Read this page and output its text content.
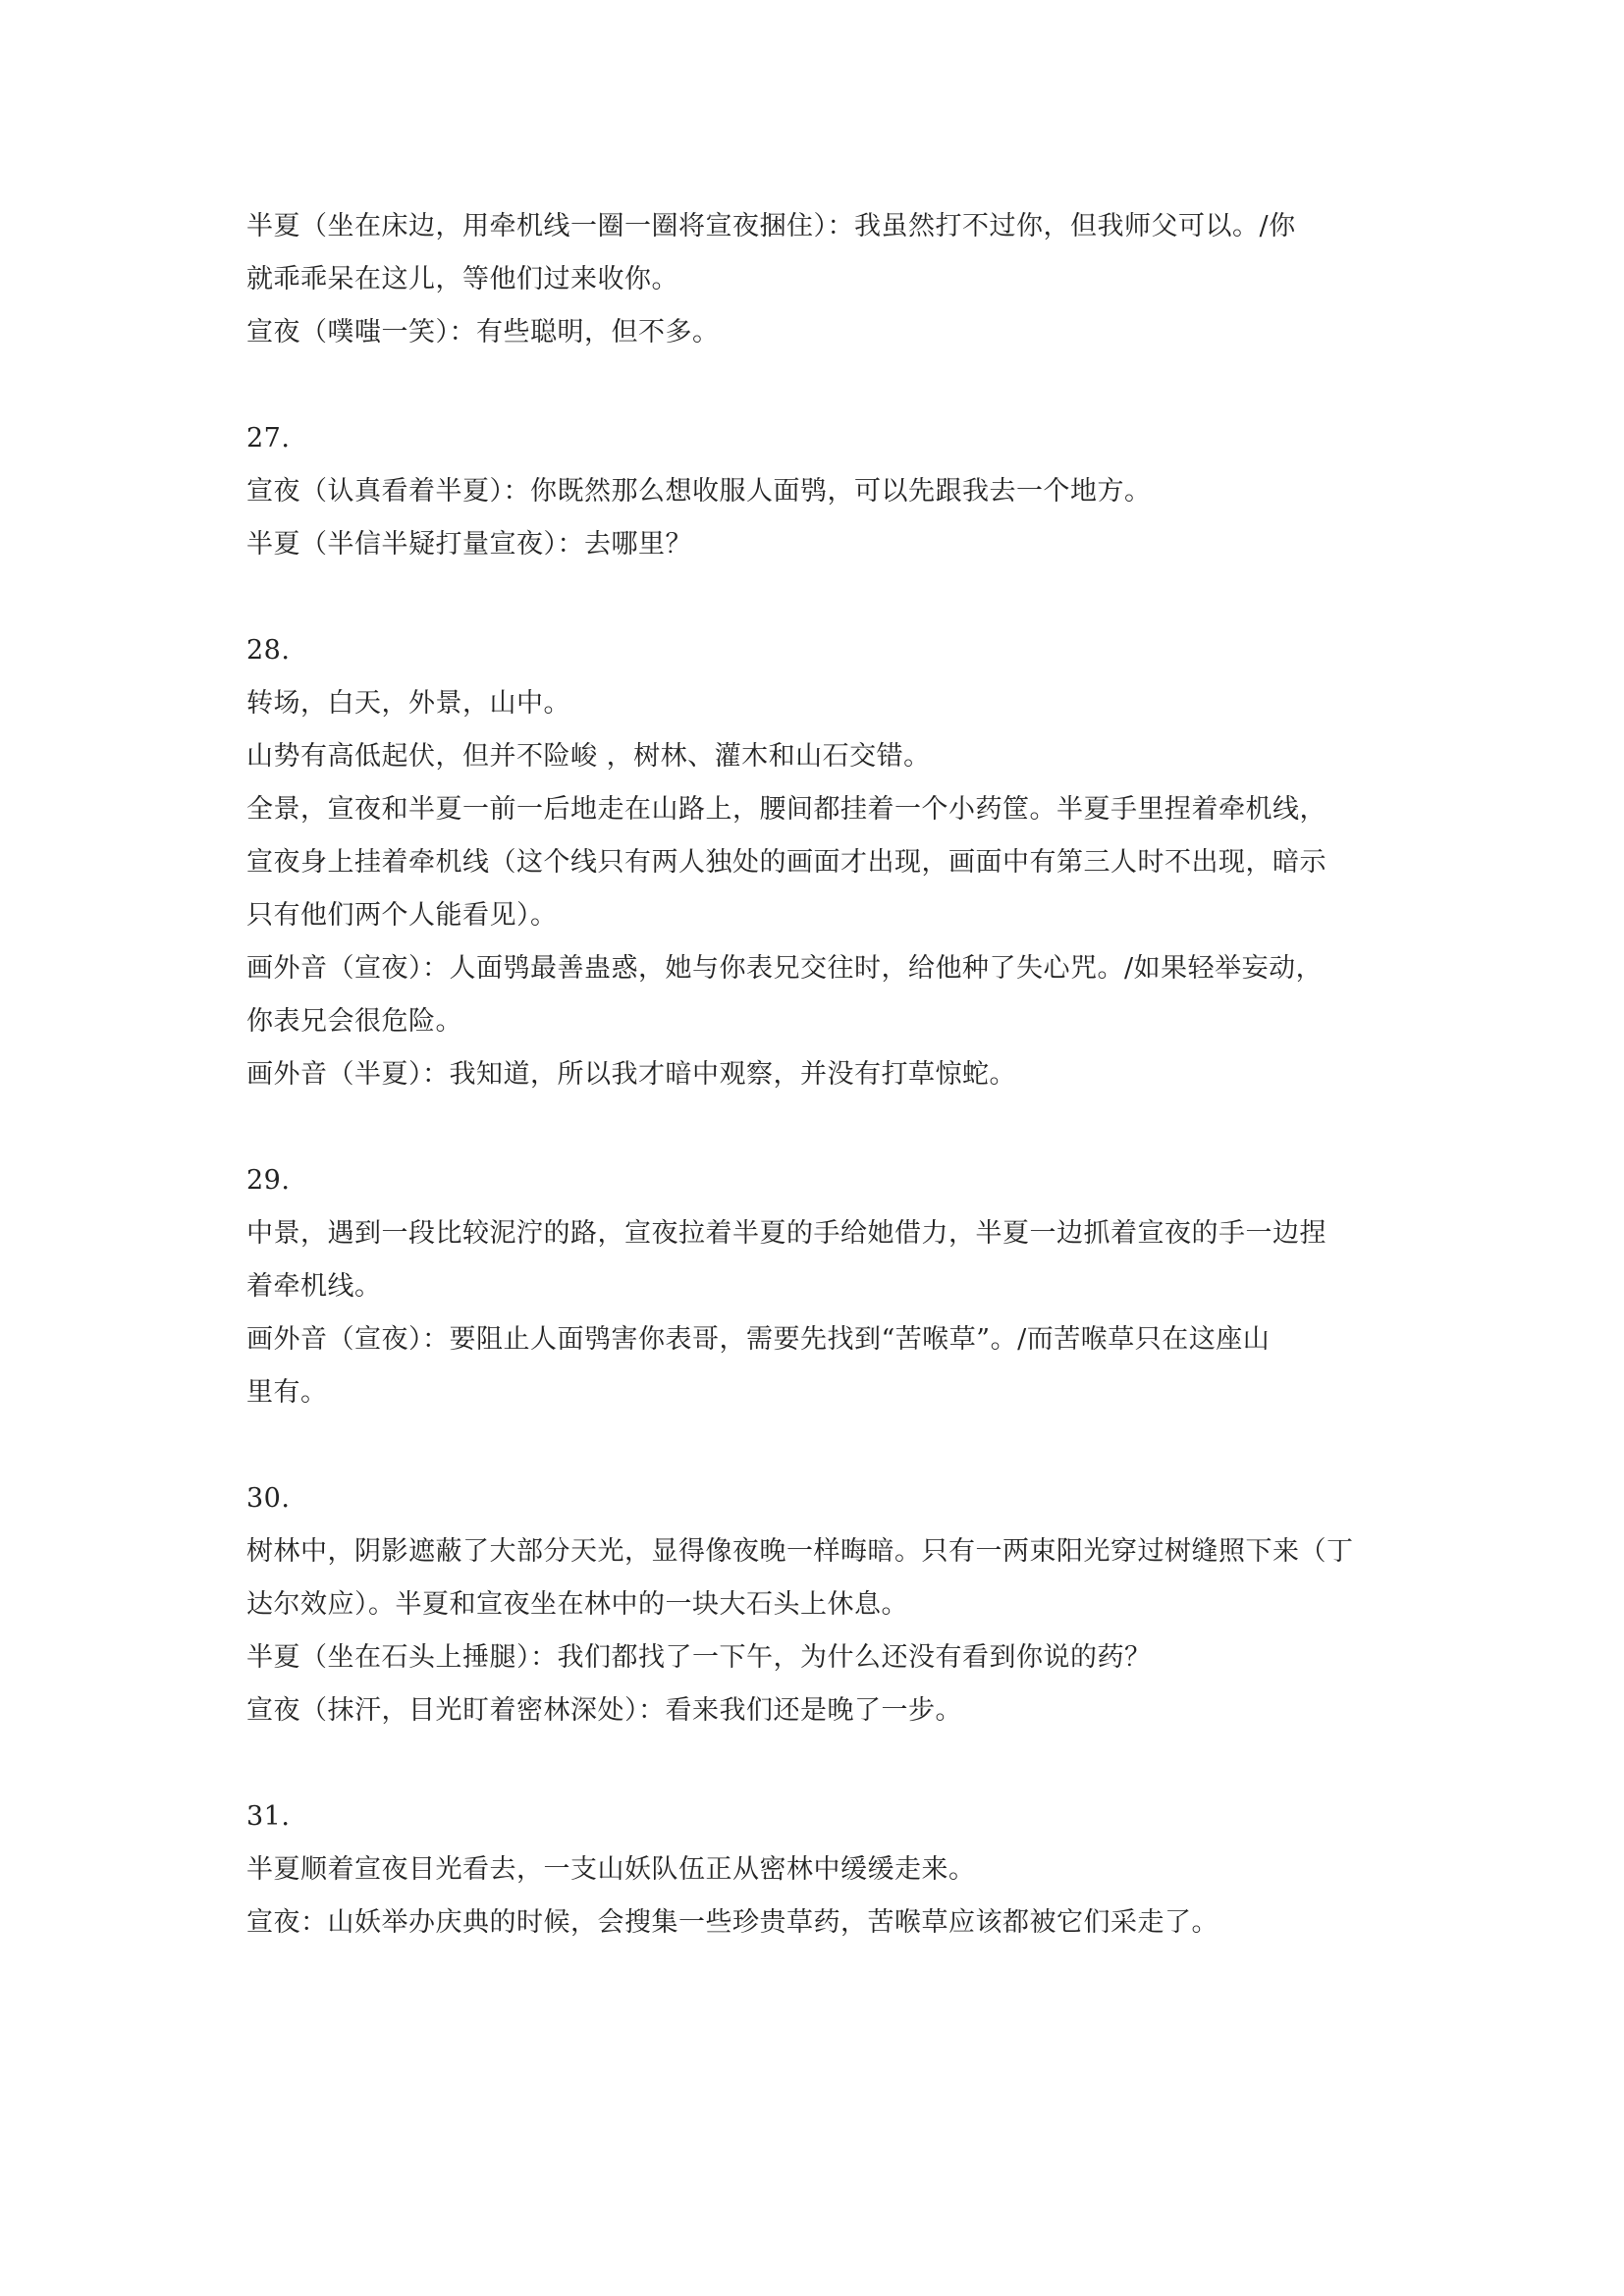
半夏（坐在床边，用牵机线一圈一圈将宣夜捆住）：我虽然打不过你，但我师父可以。/你
就乖乖呆在这儿，等他们过来收你。
宣夜（噗嗤一笑）：有些聪明，但不多。
27.
宣夜（认真看着半夏）：你既然那么想收服人面鸮，可以先跟我去一个地方。
半夏（半信半疑打量宣夜）：去哪里？
28.
转场，白天，外景，山中。
山势有高低起伏，但并不险峻 ，树林、灌木和山石交错。
全景，宣夜和半夏一前一后地走在山路上，腰间都挂着一个小药筐。半夏手里捏着牵机线，
宣夜身上挂着牵机线（这个线只有两人独处的画面才出现，画面中有第三人时不出现，暗示
只有他们两个人能看见）。
画外音（宣夜）：人面鸮最善蛊惑，她与你表兄交往时，给他种了失心咒。/如果轻举妄动，
你表兄会很危险。
画外音（半夏）：我知道，所以我才暗中观察，并没有打草惊蛇。
29.
中景，遇到一段比较泥泞的路，宣夜拉着半夏的手给她借力，半夏一边抓着宣夜的手一边捏
着牵机线。
画外音（宣夜）：要阻止人面鸮害你表哥，需要先找到“苦喉草”。/而苦喉草只在这座山
里有。
30.
树林中，阴影遮蔽了大部分天光，显得像夜晚一样晦暗。只有一两束阳光穿过树缝照下来（丁
达尔效应）。半夏和宣夜坐在林中的一块大石头上休息。
半夏（坐在石头上捶腿）：我们都找了一下午，为什么还没有看到你说的药？
宣夜（抹汗，目光盯着密林深处）：看来我们还是晚了一步。
31.
半夏顺着宣夜目光看去，一支山妖队伍正从密林中缓缓走来。
宣夜：山妖举办庆典的时候，会搜集一些珍贵草药，苦喉草应该都被它们采走了。
